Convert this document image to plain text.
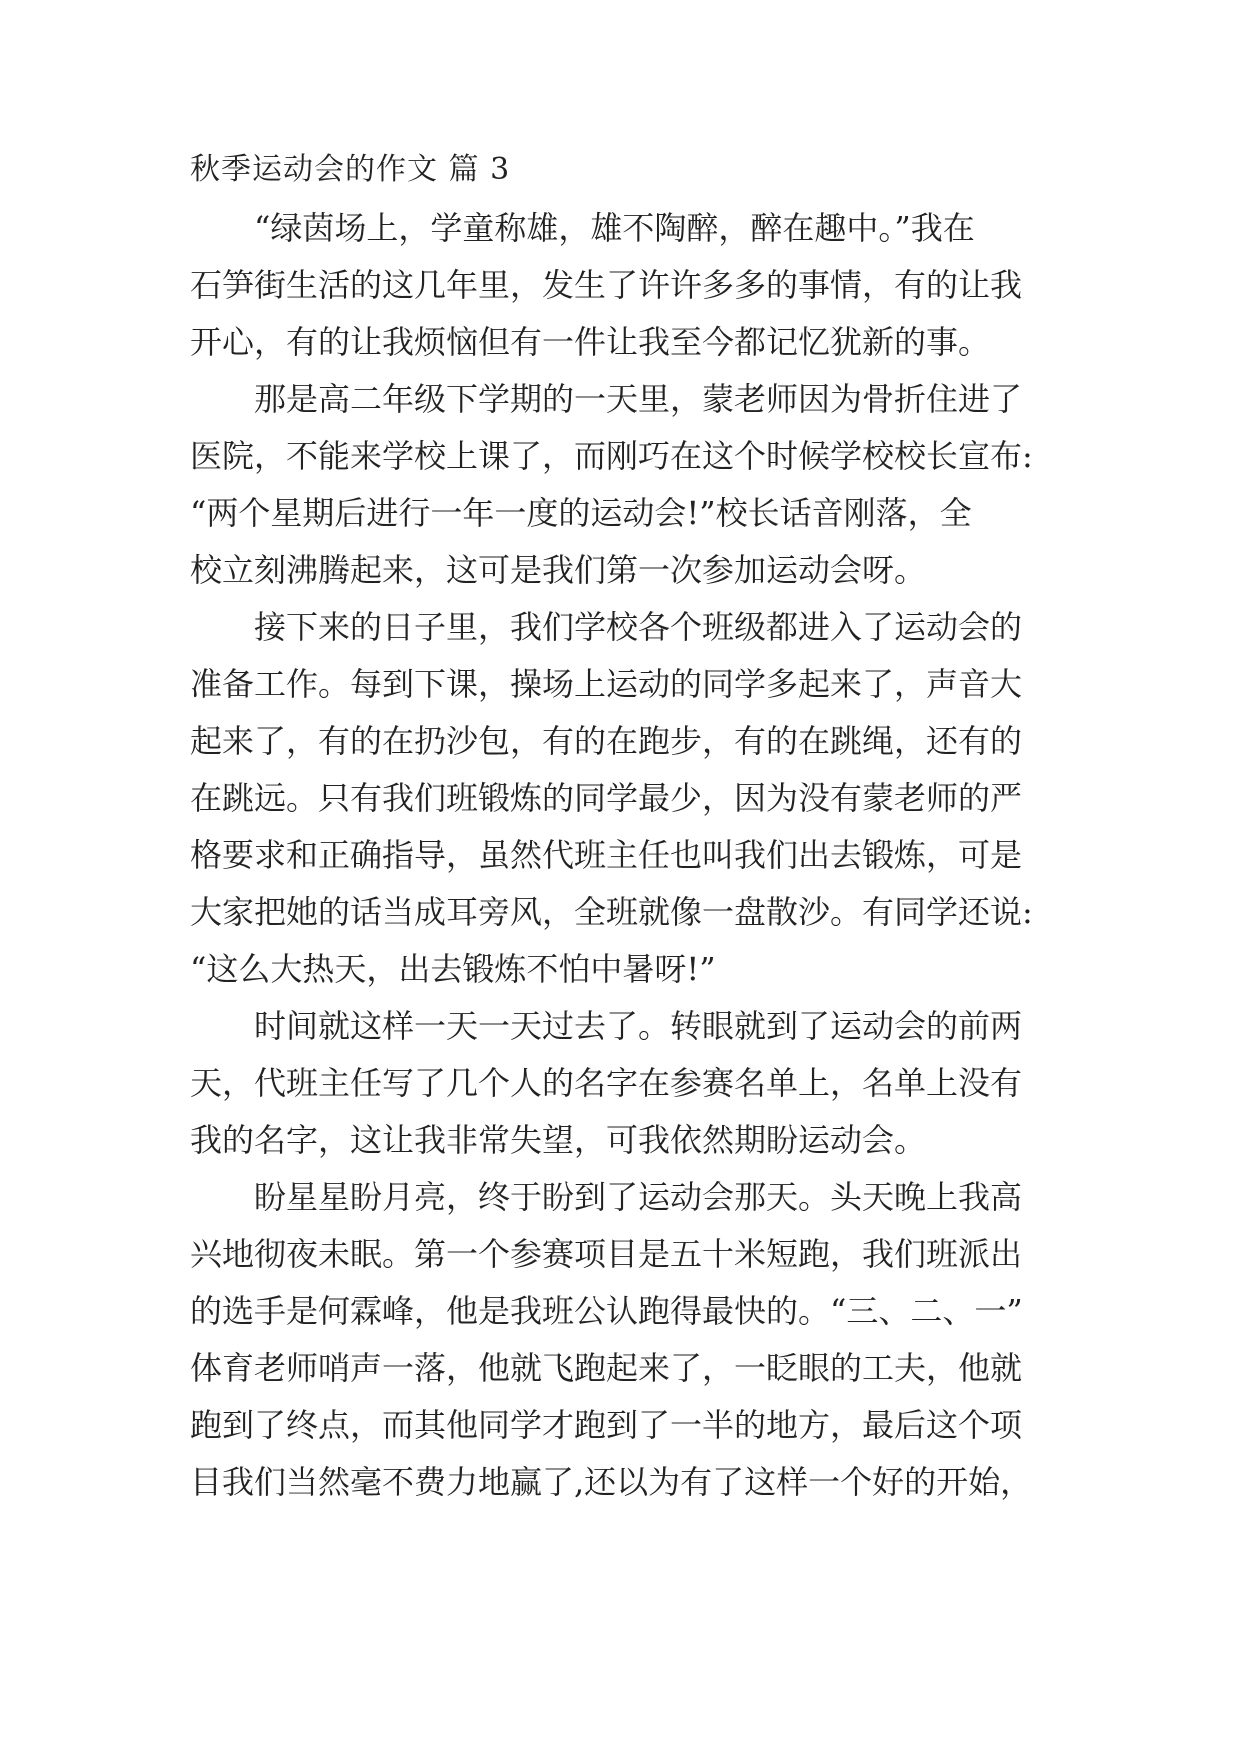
秋季运动会的作文 篇 3
“绿茵场上，学童称雄，雄不陶醉，醉在趣中。”我在
石笋街生活的这几年里，发生了许许多多的事情，有的让我
开心，有的让我烦恼但有一件让我至今都记忆犹新的事。
那是高二年级下学期的一天里，蒙老师因为骨折住进了
医院，不能来学校上课了，而刚巧在这个时候学校校长宣布:
“两个星期后进行一年一度的运动会!”校长话音刚落，全
校立刻沸腾起来，这可是我们第一次参加运动会呀。
接下来的日子里，我们学校各个班级都进入了运动会的
准备工作。每到下课，操场上运动的同学多起来了，声音大
起来了，有的在扔沙包，有的在跑步，有的在跳绳，还有的
在跳远。只有我们班锻炼的同学最少，因为没有蒙老师的严
格要求和正确指导，虽然代班主任也叫我们出去锻炼，可是
大家把她的话当成耳旁风，全班就像一盘散沙。有同学还说:
“这么大热天，出去锻炼不怕中暑呀!”
时间就这样一天一天过去了。转眼就到了运动会的前两
天，代班主任写了几个人的名字在参赛名单上，名单上没有
我的名字，这让我非常失望，可我依然期盼运动会。
盼星星盼月亮，终于盼到了运动会那天。头天晚上我高
兴地彻夜未眠。第一个参赛项目是五十米短跑，我们班派出
的选手是何霖峰，他是我班公认跑得最快的。“三、二、一”
体育老师哨声一落，他就飞跑起来了，一眨眼的工夫，他就
跑到了终点，而其他同学才跑到了一半的地方，最后这个项
目我们当然毫不费力地赢了,还以为有了这样一个好的开始，
